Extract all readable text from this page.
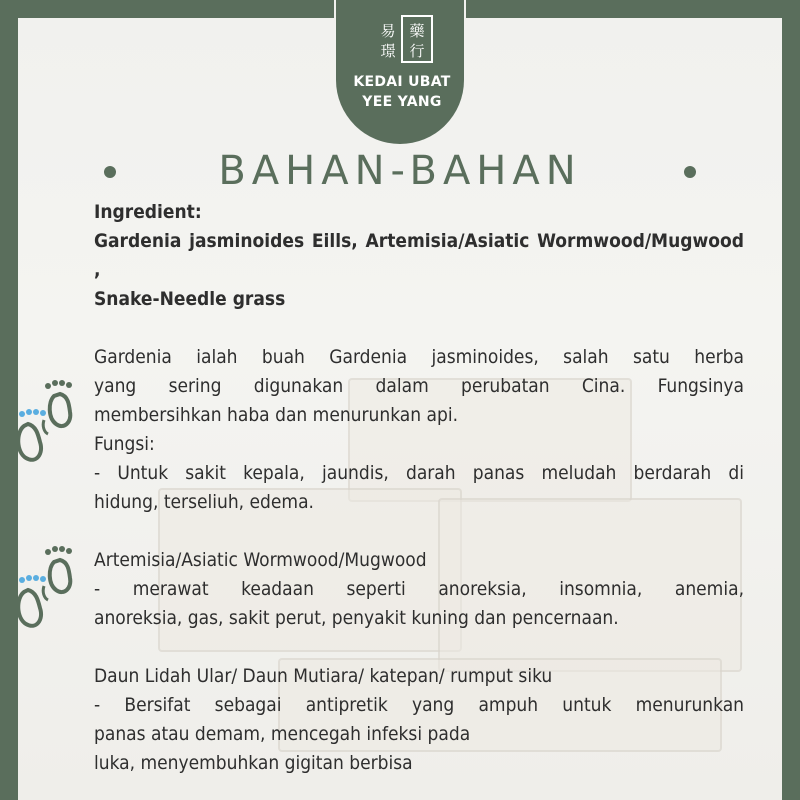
易
璟
藥
行
KEDAI UBAT
YEE YANG
BAHAN-BAHAN

Ingredient:

Gardenia jasminoides Eills, Artemisia/Asiatic Wormwood/Mugwood ,

Snake-Needle grass

Gardenia ialah buah Gardenia jasminoides, salah satu herba

yang sering digunakan dalam perubatan Cina. Fungsinya

membersihkan haba dan menurunkan api.

Fungsi:

- Untuk sakit kepala, jaundis, darah panas meludah berdarah di

hidung, terseliuh, edema.

Artemisia/Asiatic Wormwood/Mugwood

- merawat keadaan seperti anoreksia, insomnia, anemia,

anoreksia, gas, sakit perut, penyakit kuning dan pencernaan.

Daun Lidah Ular/ Daun Mutiara/ katepan/ rumput siku

- Bersifat sebagai antipretik yang ampuh untuk menurunkan

panas atau demam, mencegah infeksi pada

luka, menyembuhkan gigitan berbisa
